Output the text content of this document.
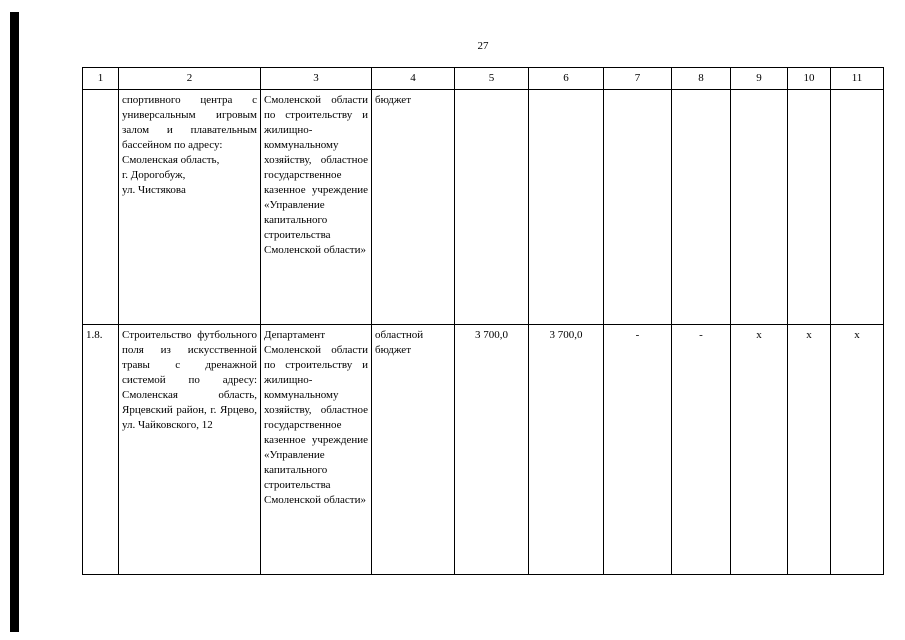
27
1	2	3	4	5	6	7	8	9	10	11

	спортивного центра с универсальным игровым залом и плавательным бассейном по адресу:
Смоленская область,
г. Дорогобуж,
ул. Чистякова	Смоленской области по строительству и жилищно-коммунальному хозяйству, областное государственное казенное учреждение «Управление капитального строительства Смоленской области»	бюджет							
1.8.	Строительство футбольного поля из искусственной травы с дренажной системой по адресу: Смоленская область, Ярцевский район, г. Ярцево, ул. Чайковского, 12	Департамент Смоленской области по строительству и жилищно-коммунальному хозяйству, областное государственное казенное учреждение «Управление капитального строительства Смоленской области»	областной бюджет	3 700,0	3 700,0	-	-	х	х	х
